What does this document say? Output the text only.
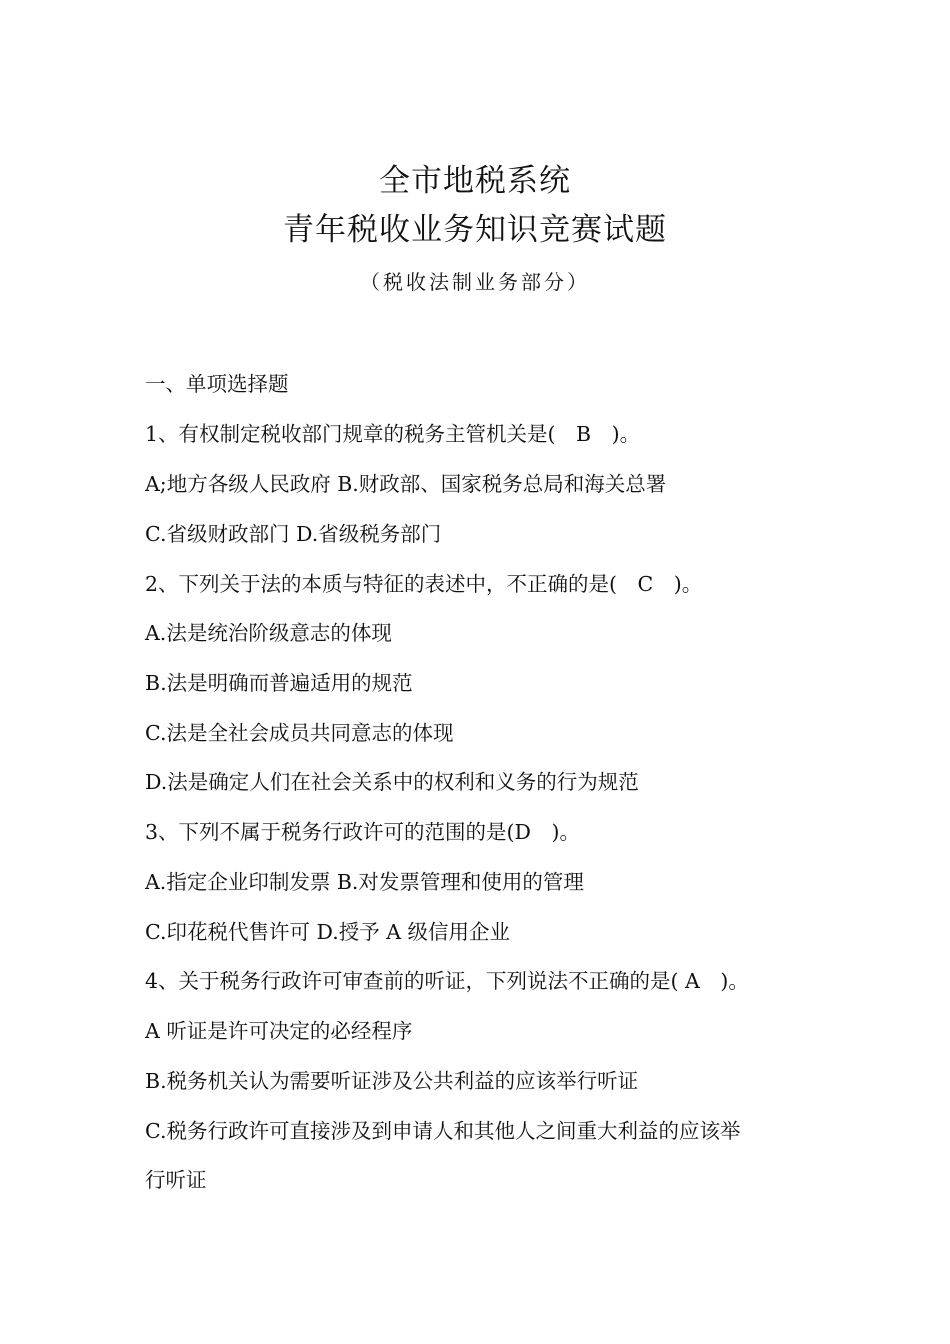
全市地税系统
青年税收业务知识竞赛试题
（税收法制业务部分）
一、单项选择题
1、有权制定税收部门规章的税务主管机关是(　B　)。
A;地方各级人民政府 B.财政部、国家税务总局和海关总署
C.省级财政部门 D.省级税务部门
2、下列关于法的本质与特征的表述中，不正确的是(　C　)。
A.法是统治阶级意志的体现
B.法是明确而普遍适用的规范
C.法是全社会成员共同意志的体现
D.法是确定人们在社会关系中的权利和义务的行为规范
3、下列不属于税务行政许可的范围的是(D　)。
A.指定企业印制发票 B.对发票管理和使用的管理
C.印花税代售许可 D.授予 A 级信用企业
4、关于税务行政许可审查前的听证，下列说法不正确的是( A　)。
A 听证是许可决定的必经程序
B.税务机关认为需要听证涉及公共利益的应该举行听证
C.税务行政许可直接涉及到申请人和其他人之间重大利益的应该举
行听证
